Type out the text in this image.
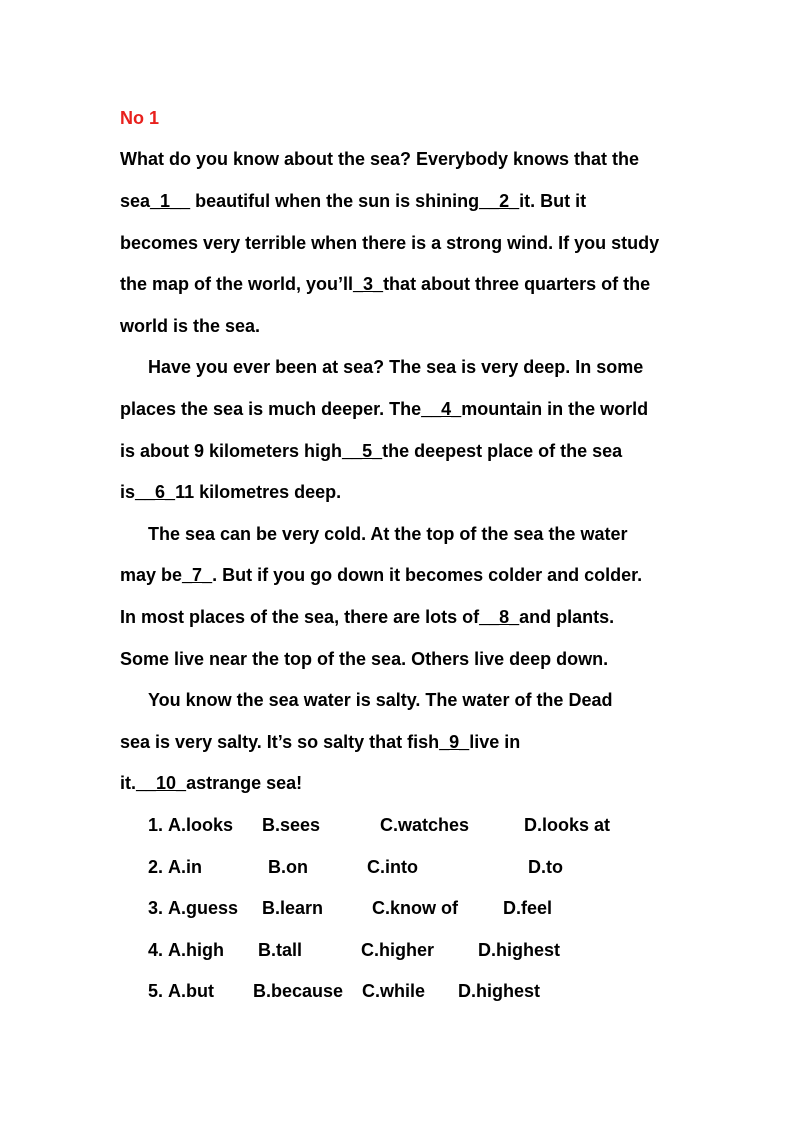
No 1
What do you know about the sea? Everybody knows that the
sea_1__ beautiful when the sun is shining__2_it. But it
becomes very terrible when there is a strong wind. If you study
the map of the world, you’ll_3_that about three quarters of the
world is the sea.
Have you ever been at sea? The sea is very deep. In some
places the sea is much deeper. The__4_mountain in the world
is about 9 kilometers high__5_the deepest place of the sea
is__6_11 kilometres deep.
The sea can be very cold. At the top of the sea the water
may be_7_. But if you go down it becomes colder and colder.
In most places of the sea, there are lots of__8_and plants.
Some live near the top of the sea. Others live deep down.
You know the sea water is salty. The water of the Dead
sea is very salty. It’s so salty that fish_9_live in
it.__10_astrange sea!
1. A.looks B.sees	C.watches	D.looks at
2. A.in	B.on	C.into	D.to
3. A.guess B.learn	C.know of	D.feel
4. A.high B.tall	C.higher D.highest
5. A.but B.because C.while D.highest
